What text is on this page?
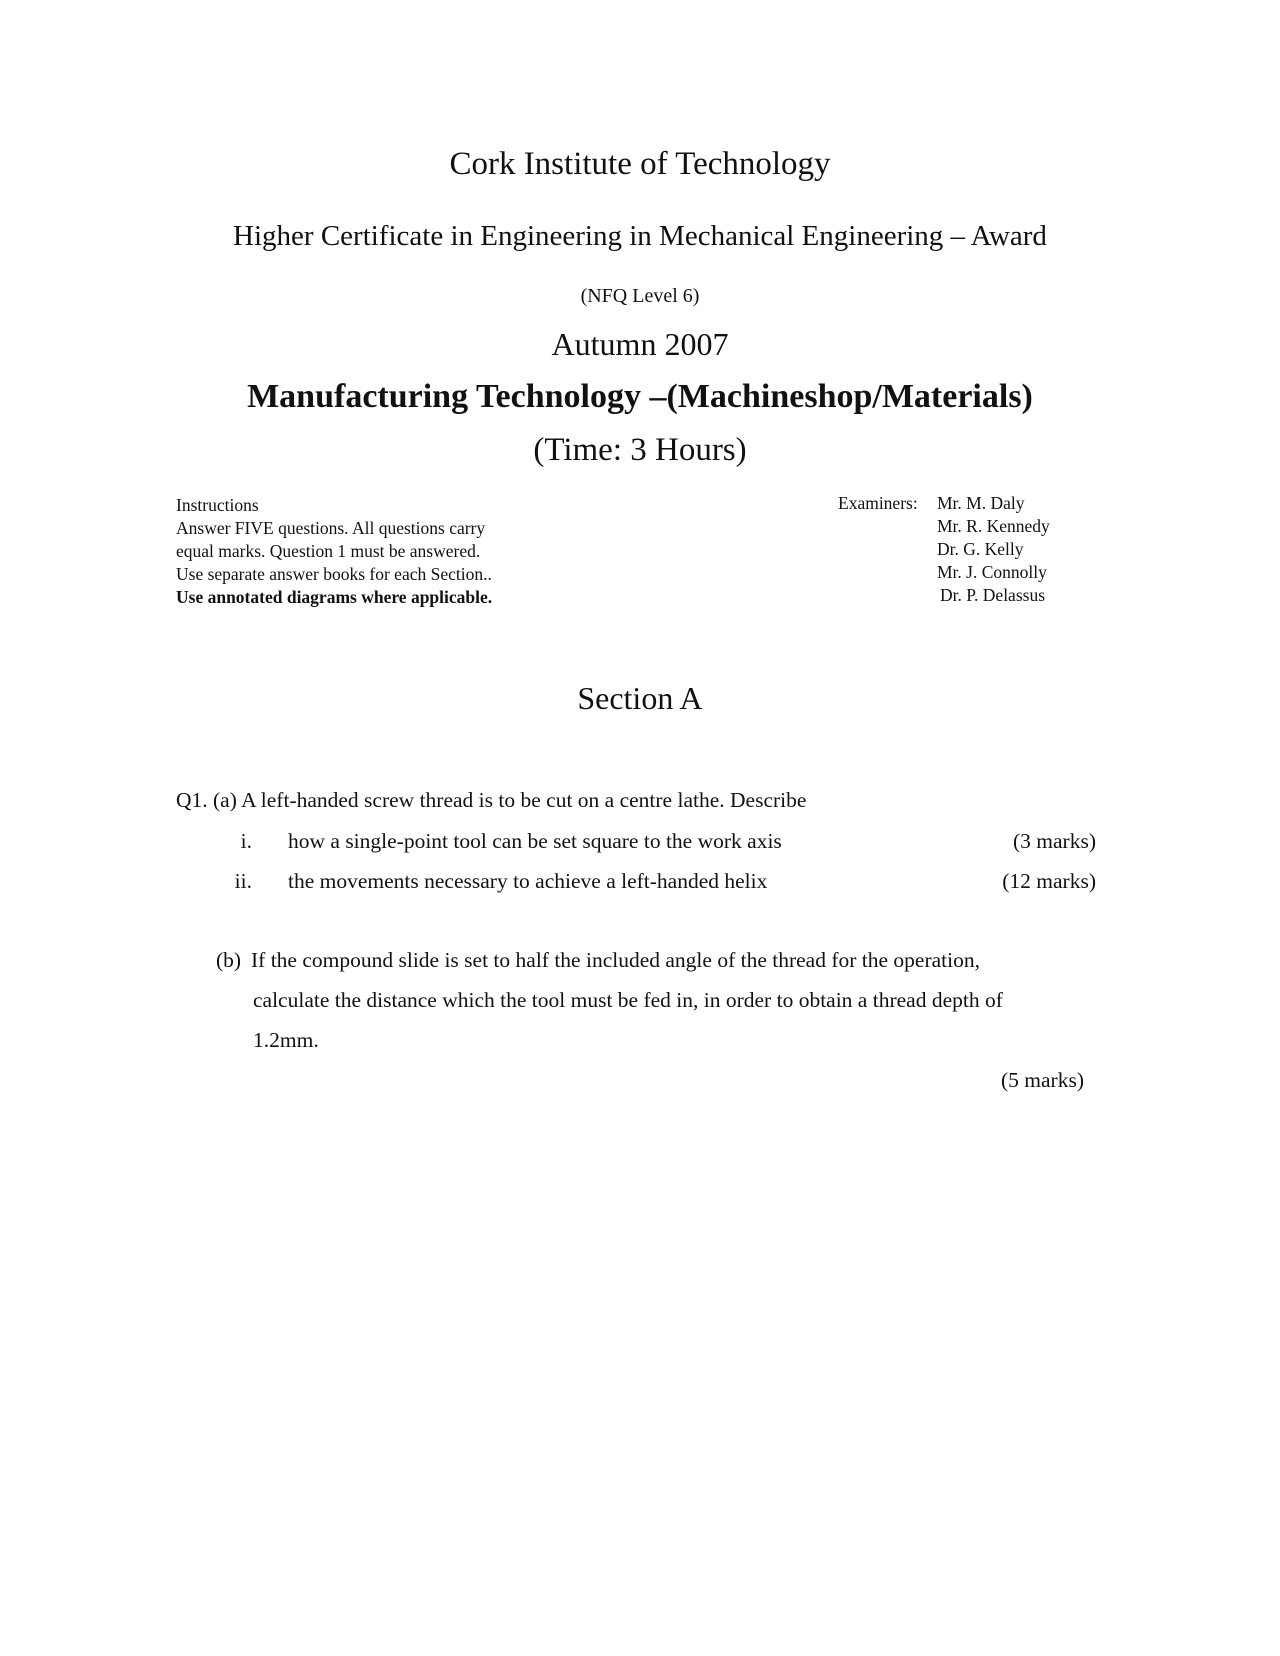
Cork Institute of Technology
Higher Certificate in Engineering in Mechanical Engineering – Award
(NFQ Level 6)
Autumn 2007
Manufacturing Technology –(Machineshop/Materials)
(Time: 3 Hours)
Instructions
Answer FIVE questions. All questions carry
equal marks. Question 1 must be answered.
Use separate answer books for each Section..
Use annotated diagrams where applicable.
Examiners: Mr. M. Daly
Mr. R. Kennedy
Dr. G. Kelly
Mr. J. Connolly
Dr. P. Delassus
Section A
Q1. (a) A left-handed screw thread is to be cut on a centre lathe. Describe
i. how a single-point tool can be set square to the work axis	(3 marks)
ii. the movements necessary to achieve a left-handed helix	(12 marks)
(b) If the compound slide is set to half the included angle of the thread for the operation,
calculate the distance which the tool must be fed in, in order to obtain a thread depth of
1.2mm.
(5 marks)
